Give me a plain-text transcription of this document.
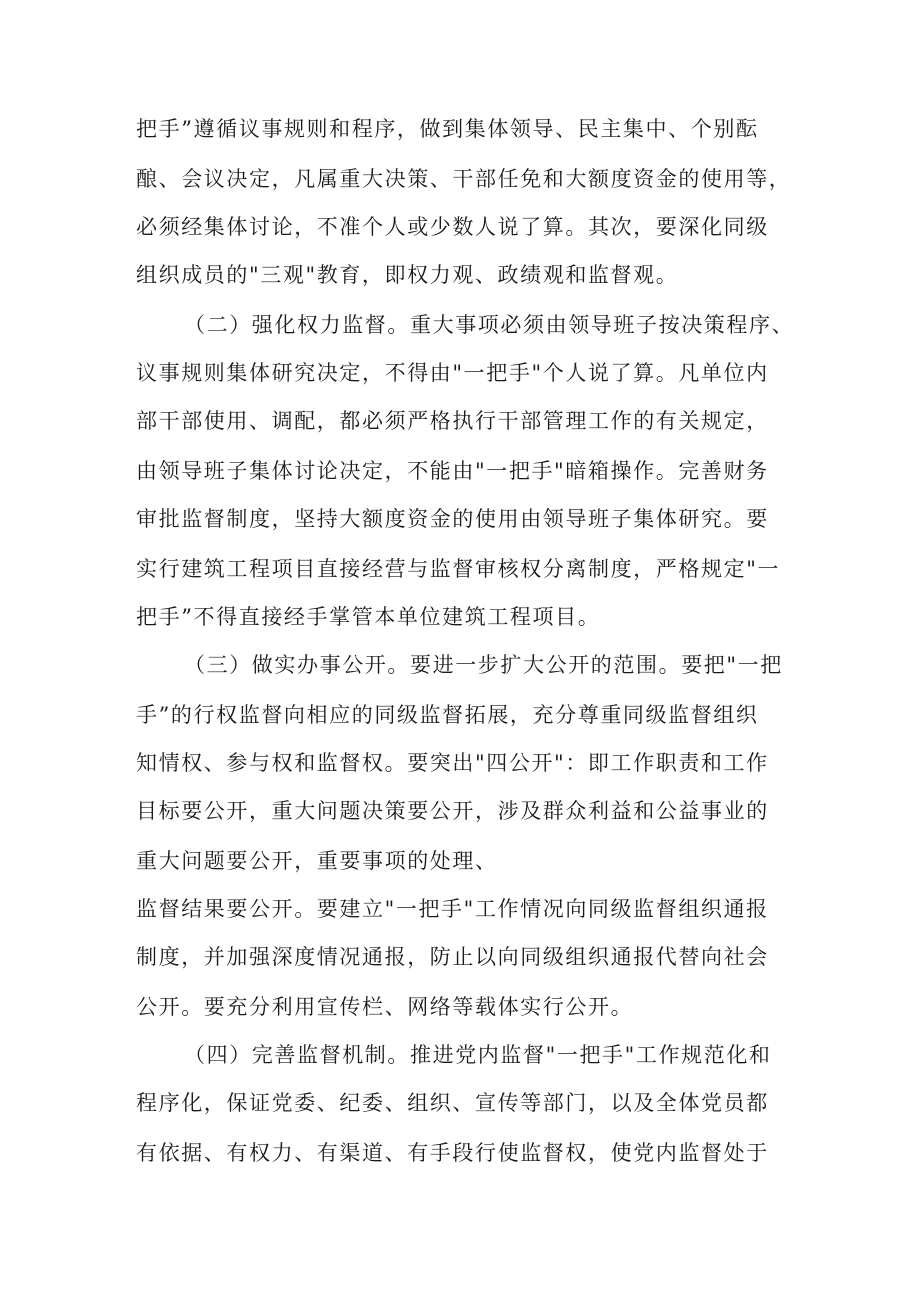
把手”遵循议事规则和程序，做到集体领导、民主集中、个别酝

酿、会议决定，凡属重大决策、干部任免和大额度资金的使用等，

必须经集体讨论，不准个人或少数人说了算。其次，要深化同级

组织成员的"三观"教育，即权力观、政绩观和监督观。

（二）强化权力监督。重大事项必须由领导班子按决策程序、

议事规则集体研究决定，不得由"一把手"个人说了算。凡单位内

部干部使用、调配，都必须严格执行干部管理工作的有关规定，

由领导班子集体讨论决定，不能由"一把手"暗箱操作。完善财务

审批监督制度，坚持大额度资金的使用由领导班子集体研究。要

实行建筑工程项目直接经营与监督审核权分离制度，严格规定"一

把手”不得直接经手掌管本单位建筑工程项目。

（三）做实办事公开。要进一步扩大公开的范围。要把"一把

手”的行权监督向相应的同级监督拓展，充分尊重同级监督组织

知情权、参与权和监督权。要突出"四公开"：即工作职责和工作

目标要公开，重大问题决策要公开，涉及群众利益和公益事业的

重大问题要公开，重要事项的处理、

监督结果要公开。要建立"一把手"工作情况向同级监督组织通报

制度，并加强深度情况通报，防止以向同级组织通报代替向社会

公开。要充分利用宣传栏、网络等载体实行公开。

（四）完善监督机制。推进党内监督"一把手"工作规范化和

程序化，保证党委、纪委、组织、宣传等部门，以及全体党员都

有依据、有权力、有渠道、有手段行使监督权，使党内监督处于
